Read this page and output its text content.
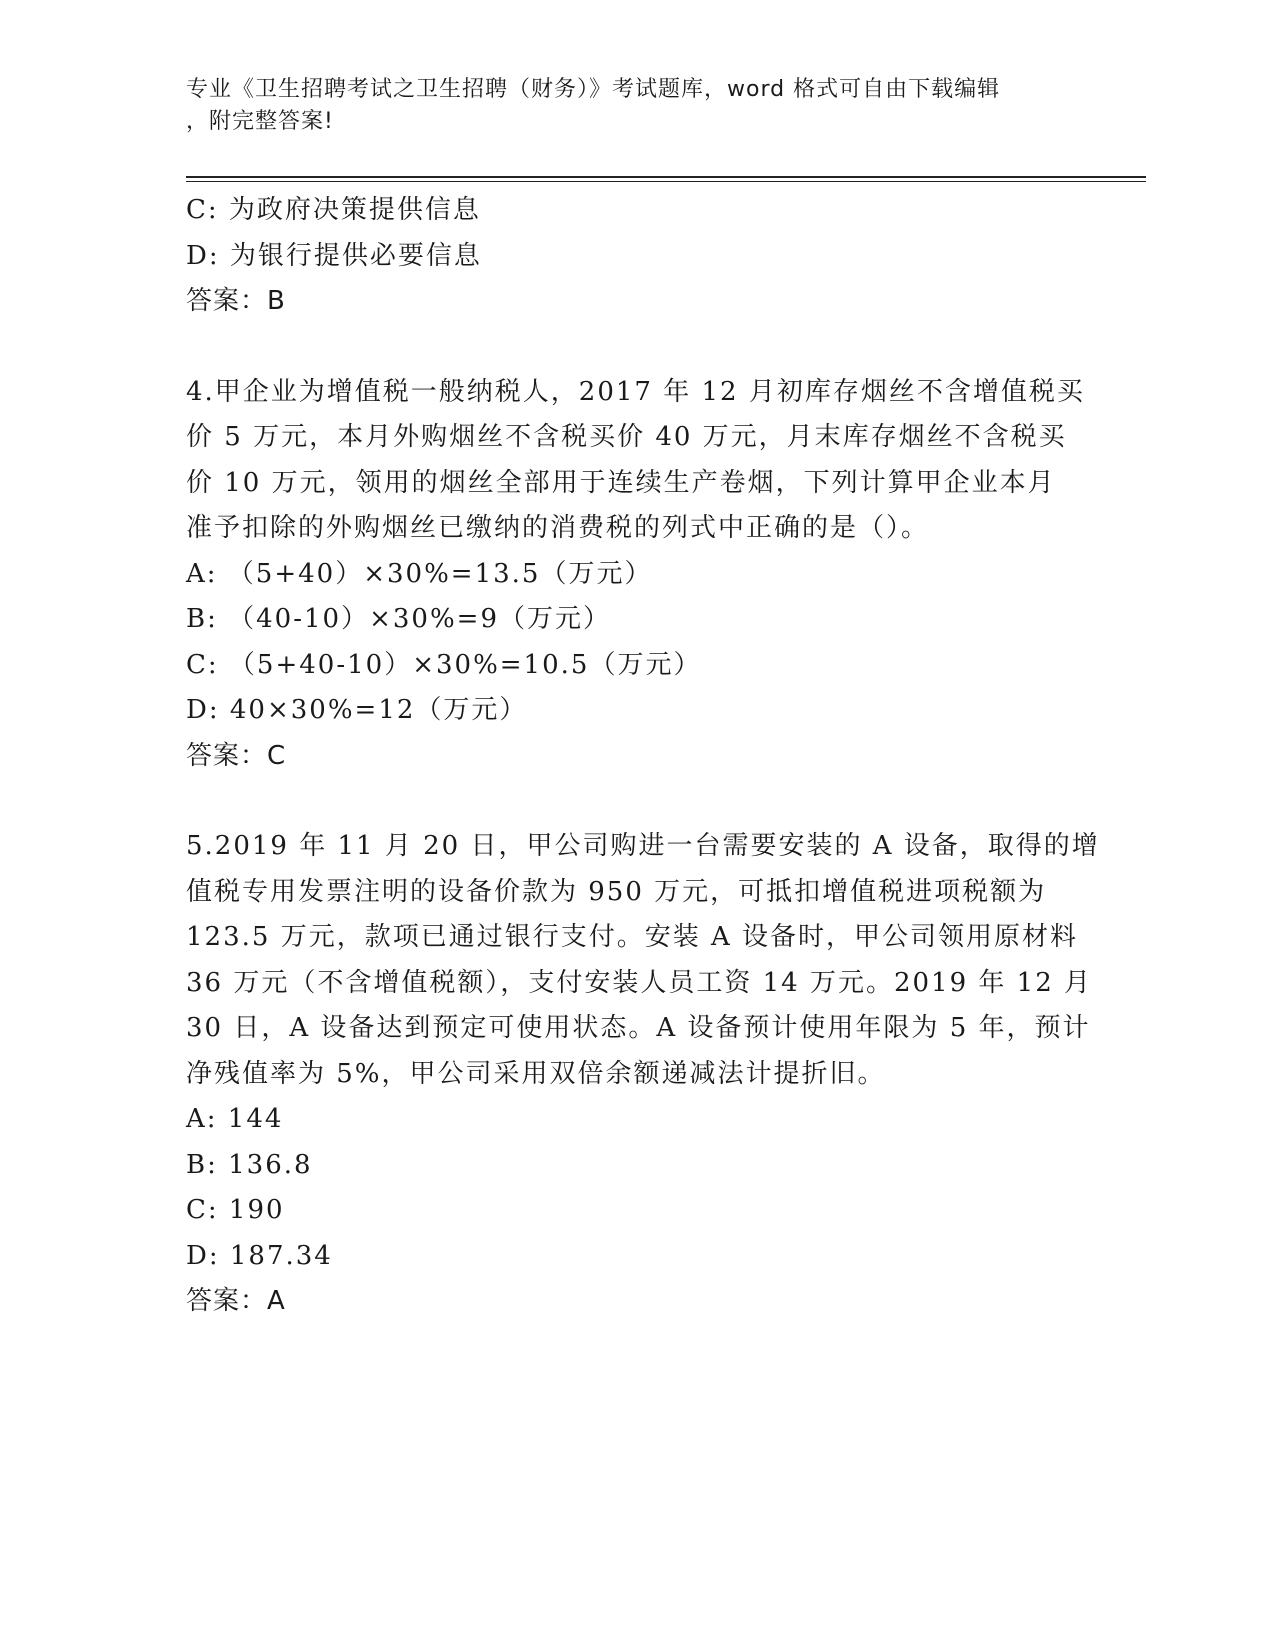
专业《卫生招聘考试之卫生招聘（财务）》考试题库，word 格式可自由下载编辑
，附完整答案!
C: 为政府决策提供信息
D: 为银行提供必要信息
答案：B
4.甲企业为增值税一般纳税人，2017 年 12 月初库存烟丝不含增值税买
价 5 万元，本月外购烟丝不含税买价 40 万元，月末库存烟丝不含税买
价 10 万元，领用的烟丝全部用于连续生产卷烟，下列计算甲企业本月
准予扣除的外购烟丝已缴纳的消费税的列式中正确的是（）。
A: （5+40）×30%=13.5（万元）
B: （40-10）×30%=9（万元）
C: （5+40-10）×30%=10.5（万元）
D: 40×30%=12（万元）
答案：C
5.2019 年 11 月 20 日，甲公司购进一台需要安装的 A 设备，取得的增
值税专用发票注明的设备价款为 950 万元，可抵扣增值税进项税额为
123.5 万元，款项已通过银行支付。安装 A 设备时，甲公司领用原材料
36 万元（不含增值税额），支付安装人员工资 14 万元。2019 年 12 月
30 日，A 设备达到预定可使用状态。A 设备预计使用年限为 5 年，预计
净残值率为 5%，甲公司采用双倍余额递减法计提折旧。
A: 144
B: 136.8
C: 190
D: 187.34
答案：A
